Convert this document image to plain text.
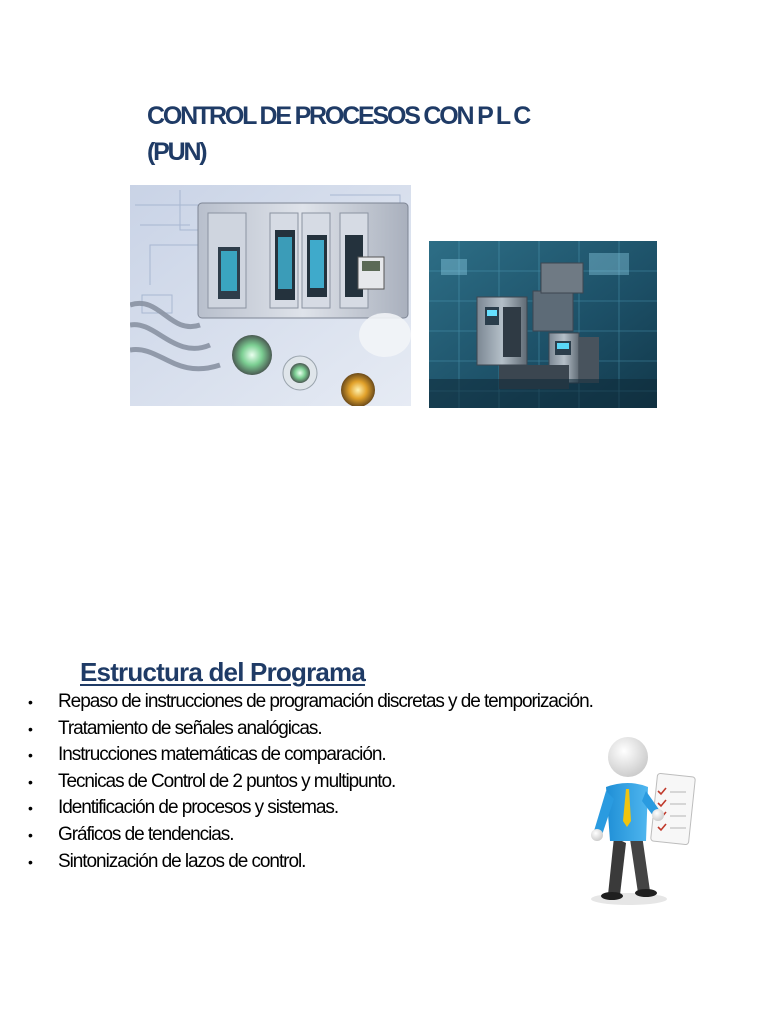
CONTROL DE PROCESOS CON P L C
(PUN)
Estructura del Programa
•	Repaso de instrucciones de programación discretas y de temporización.
•	Tratamiento de señales analógicas.
•	Instrucciones matemáticas de comparación.
•	Tecnicas de Control de 2 puntos y multipunto.
•	Identificación de procesos y sistemas.
•	Gráficos de tendencias.
•	Sintonización de lazos de control.
